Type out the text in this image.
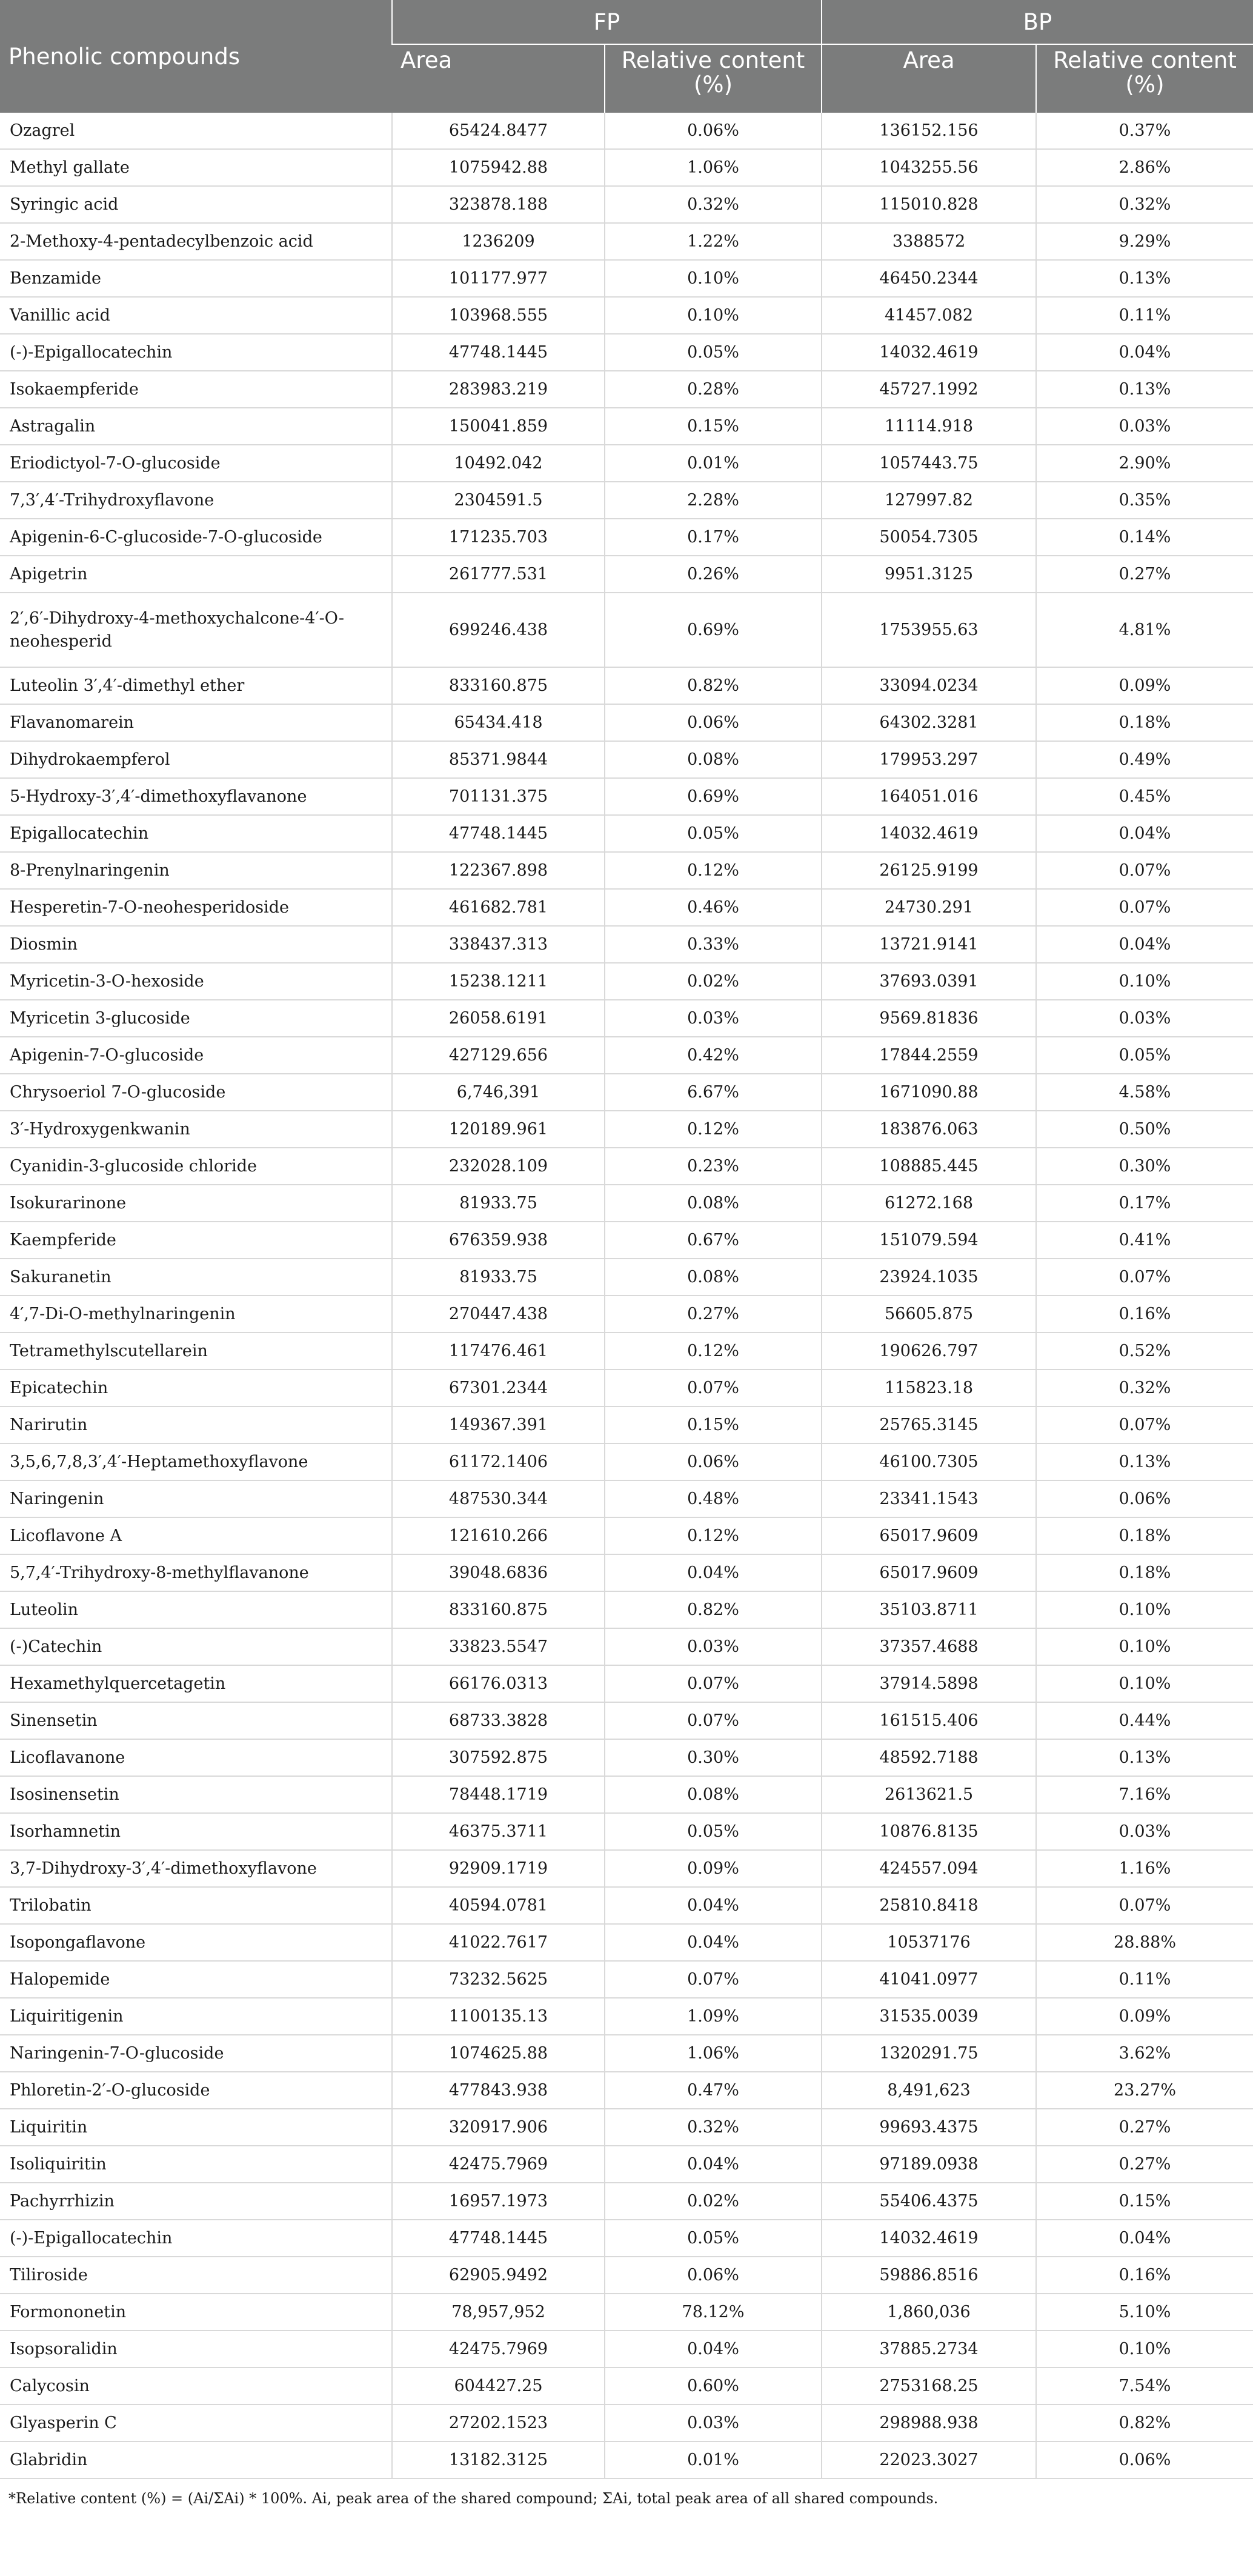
Phenolic compounds	FP		BP	
	Area	Relative content (%)	Area	Relative content (%)
Ozagrel	65424.8477	0.06%	136152.156	0.37%
Methyl gallate	1075942.88	1.06%	1043255.56	2.86%
Syringic acid	323878.188	0.32%	115010.828	0.32%
2-Methoxy-4-pentadecylbenzoic acid	1236209	1.22%	3388572	9.29%
Benzamide	101177.977	0.10%	46450.2344	0.13%
Vanillic acid	103968.555	0.10%	41457.082	0.11%
(-)-Epigallocatechin	47748.1445	0.05%	14032.4619	0.04%
Isokaempferide	283983.219	0.28%	45727.1992	0.13%
Astragalin	150041.859	0.15%	11114.918	0.03%
Eriodictyol-7-O-glucoside	10492.042	0.01%	1057443.75	2.90%
7,3′,4′-Trihydroxyflavone	2304591.5	2.28%	127997.82	0.35%
Apigenin-6-C-glucoside-7-O-glucoside	171235.703	0.17%	50054.7305	0.14%
Apigetrin	261777.531	0.26%	9951.3125	0.27%
2′,6′-Dihydroxy-4-methoxychalcone-4′-O-neohesperid	699246.438	0.69%	1753955.63	4.81%
Luteolin 3′,4′-dimethyl ether	833160.875	0.82%	33094.0234	0.09%
Flavanomarein	65434.418	0.06%	64302.3281	0.18%
Dihydrokaempferol	85371.9844	0.08%	179953.297	0.49%
5-Hydroxy-3′,4′-dimethoxyflavanone	701131.375	0.69%	164051.016	0.45%
Epigallocatechin	47748.1445	0.05%	14032.4619	0.04%
8-Prenylnaringenin	122367.898	0.12%	26125.9199	0.07%
Hesperetin-7-O-neohesperidoside	461682.781	0.46%	24730.291	0.07%
Diosmin	338437.313	0.33%	13721.9141	0.04%
Myricetin-3-O-hexoside	15238.1211	0.02%	37693.0391	0.10%
Myricetin 3-glucoside	26058.6191	0.03%	9569.81836	0.03%
Apigenin-7-O-glucoside	427129.656	0.42%	17844.2559	0.05%
Chrysoeriol 7-O-glucoside	6,746,391	6.67%	1671090.88	4.58%
3′-Hydroxygenkwanin	120189.961	0.12%	183876.063	0.50%
Cyanidin-3-glucoside chloride	232028.109	0.23%	108885.445	0.30%
Isokurarinone	81933.75	0.08%	61272.168	0.17%
Kaempferide	676359.938	0.67%	151079.594	0.41%
Sakuranetin	81933.75	0.08%	23924.1035	0.07%
4′,7-Di-O-methylnaringenin	270447.438	0.27%	56605.875	0.16%
Tetramethylscutellarein	117476.461	0.12%	190626.797	0.52%
Epicatechin	67301.2344	0.07%	115823.18	0.32%
Narirutin	149367.391	0.15%	25765.3145	0.07%
3,5,6,7,8,3′,4′-Heptamethoxyflavone	61172.1406	0.06%	46100.7305	0.13%
Naringenin	487530.344	0.48%	23341.1543	0.06%
Licoflavone A	121610.266	0.12%	65017.9609	0.18%
5,7,4′-Trihydroxy-8-methylflavanone	39048.6836	0.04%	65017.9609	0.18%
Luteolin	833160.875	0.82%	35103.8711	0.10%
(-)Catechin	33823.5547	0.03%	37357.4688	0.10%
Hexamethylquercetagetin	66176.0313	0.07%	37914.5898	0.10%
Sinensetin	68733.3828	0.07%	161515.406	0.44%
Licoflavanone	307592.875	0.30%	48592.7188	0.13%
Isosinensetin	78448.1719	0.08%	2613621.5	7.16%
Isorhamnetin	46375.3711	0.05%	10876.8135	0.03%
3,7-Dihydroxy-3′,4′-dimethoxyflavone	92909.1719	0.09%	424557.094	1.16%
Trilobatin	40594.0781	0.04%	25810.8418	0.07%
Isopongaflavone	41022.7617	0.04%	10537176	28.88%
Halopemide	73232.5625	0.07%	41041.0977	0.11%
Liquiritigenin	1100135.13	1.09%	31535.0039	0.09%
Naringenin-7-O-glucoside	1074625.88	1.06%	1320291.75	3.62%
Phloretin-2′-O-glucoside	477843.938	0.47%	8,491,623	23.27%
Liquiritin	320917.906	0.32%	99693.4375	0.27%
Isoliquiritin	42475.7969	0.04%	97189.0938	0.27%
Pachyrrhizin	16957.1973	0.02%	55406.4375	0.15%
(-)-Epigallocatechin	47748.1445	0.05%	14032.4619	0.04%
Tiliroside	62905.9492	0.06%	59886.8516	0.16%
Formononetin	78,957,952	78.12%	1,860,036	5.10%
Isopsoralidin	42475.7969	0.04%	37885.2734	0.10%
Calycosin	604427.25	0.60%	2753168.25	7.54%
Glyasperin C	27202.1523	0.03%	298988.938	0.82%
Glabridin	13182.3125	0.01%	22023.3027	0.06%
*Relative content (%) = (Ai/ΣAi) * 100%. Ai, peak area of the shared compound; ΣAi, total peak area of all shared compounds.
